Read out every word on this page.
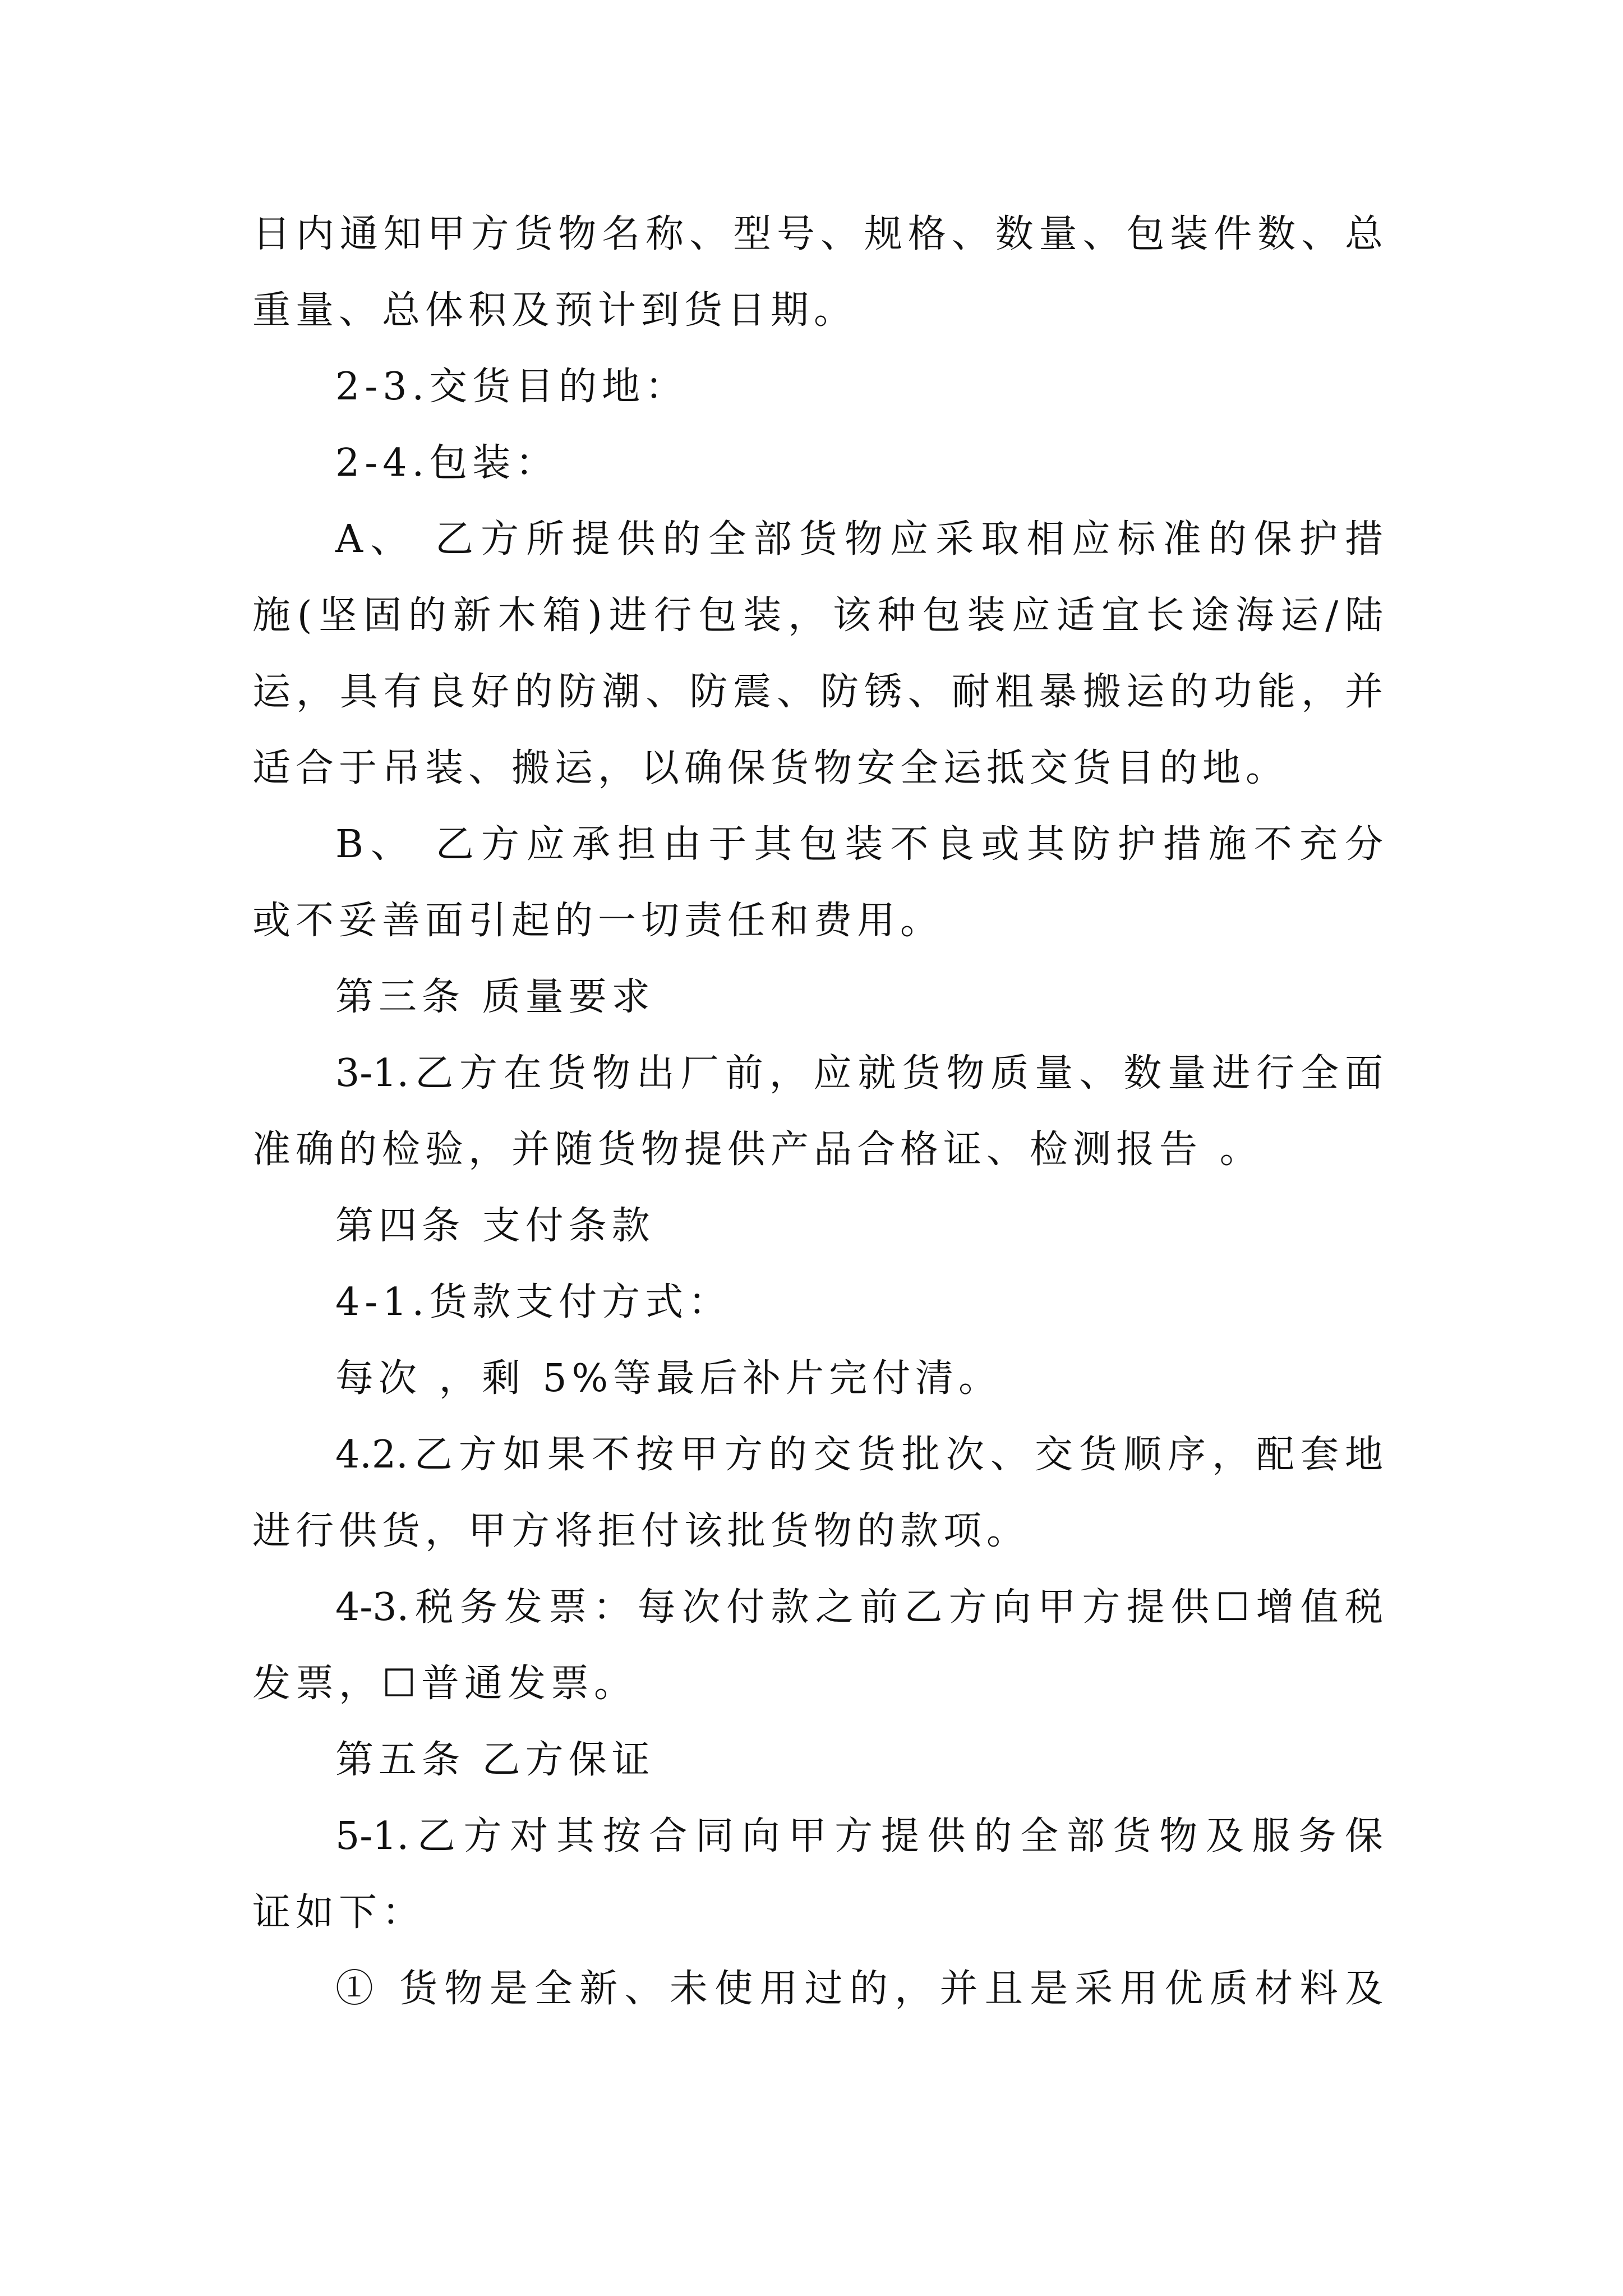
日内通知甲方货物名称、型号、规格、数量、包装件数、总
重量、总体积及预计到货日期。
2-3.交货目的地：
2-4.包装：
A、 乙方所提供的全部货物应采取相应标准的保护措
施(坚固的新木箱)进行包装，该种包装应适宜长途海运/陆
运，具有良好的防潮、防震、防锈、耐粗暴搬运的功能，并
适合于吊装、搬运，以确保货物安全运抵交货目的地。
B、 乙方应承担由于其包装不良或其防护措施不充分
或不妥善面引起的一切责任和费用。
第三条 质量要求
3-1.乙方在货物出厂前，应就货物质量、数量进行全面
准确的检验，并随货物提供产品合格证、检测报告 。
第四条 支付条款
4-1.货款支付方式：
每次 ，剩 5%等最后补片完付清。
4.2.乙方如果不按甲方的交货批次、交货顺序，配套地
进行供货，甲方将拒付该批货物的款项。
4-3.税务发票：每次付款之前乙方向甲方提供☐增值税
发票，☐普通发票。
第五条 乙方保证
5-1.乙方对其按合同向甲方提供的全部货物及服务保
证如下：
① 货物是全新、未使用过的，并且是采用优质材料及
